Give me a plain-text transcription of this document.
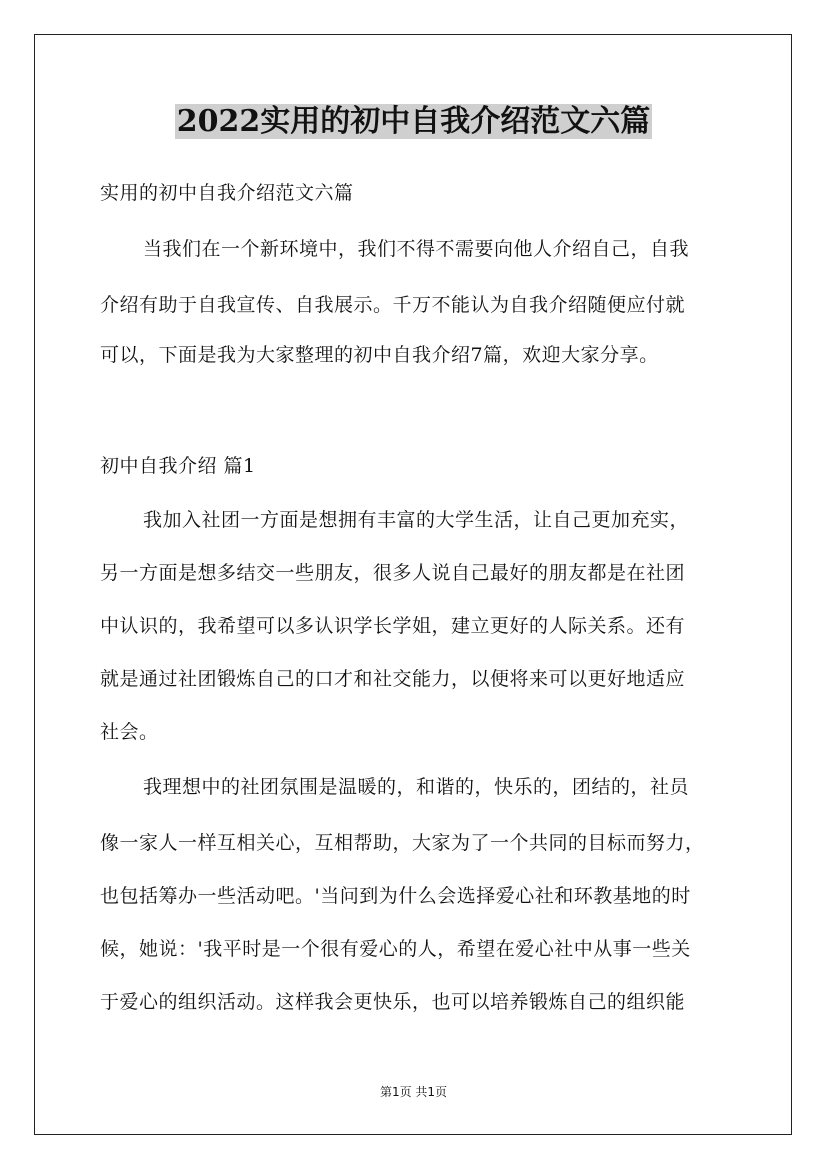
2022实用的初中自我介绍范文六篇
实用的初中自我介绍范文六篇
当我们在一个新环境中，我们不得不需要向他人介绍自己，自我
介绍有助于自我宣传、自我展示。千万不能认为自我介绍随便应付就
可以，下面是我为大家整理的初中自我介绍7篇，欢迎大家分享。
初中自我介绍 篇1
我加入社团一方面是想拥有丰富的大学生活，让自己更加充实，
另一方面是想多结交一些朋友，很多人说自己最好的朋友都是在社团
中认识的，我希望可以多认识学长学姐，建立更好的人际关系。还有
就是通过社团锻炼自己的口才和社交能力，以便将来可以更好地适应
社会。
我理想中的社团氛围是温暖的，和谐的，快乐的，团结的，社员
像一家人一样互相关心，互相帮助，大家为了一个共同的目标而努力，
也包括筹办一些活动吧。'当问到为什么会选择爱心社和环教基地的时
候，她说：'我平时是一个很有爱心的人，希望在爱心社中从事一些关
于爱心的组织活动。这样我会更快乐，也可以培养锻炼自己的组织能
第1页 共1页
